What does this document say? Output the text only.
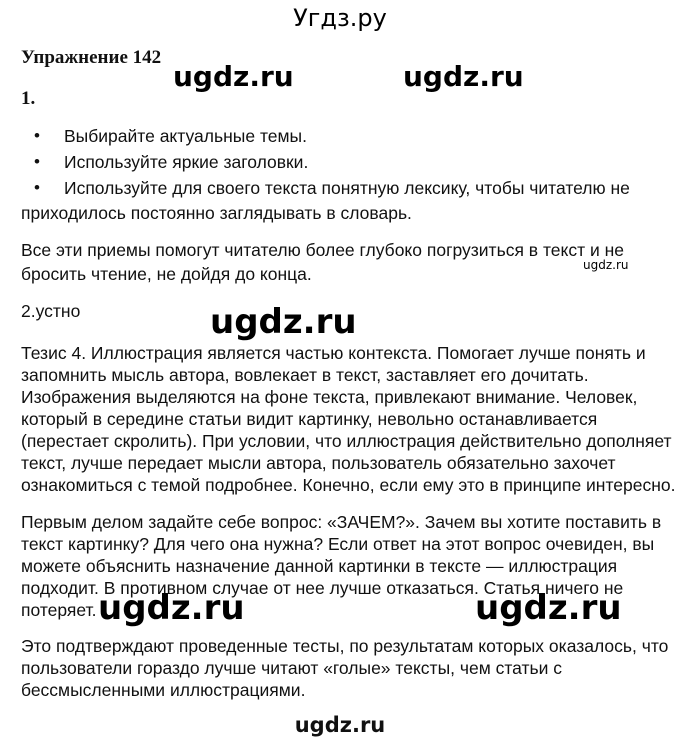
Угдз.ру
Упражнение 142
1.
• Выбирайте актуальные темы.
• Используйте яркие заголовки.
• Используйте для своего текста понятную лексику, чтобы читателю не
приходилось постоянно заглядывать в словарь.
Все эти приемы помогут читателю более глубоко погрузиться в текст и не
бросить чтение, не дойдя до конца.
2.устно
Тезис 4. Иллюстрация является частью контекста. Помогает лучше понять и
запомнить мысль автора, вовлекает в текст, заставляет его дочитать.
Изображения выделяются на фоне текста, привлекают внимание. Человек,
который в середине статьи видит картинку, невольно останавливается
(перестает скролить). При условии, что иллюстрация действительно дополняет
текст, лучше передает мысли автора, пользователь обязательно захочет
ознакомиться с темой подробнее. Конечно, если ему это в принципе интересно.
Первым делом задайте себе вопрос: «ЗАЧЕМ?». Зачем вы хотите поставить в
текст картинку? Для чего она нужна? Если ответ на этот вопрос очевиден, вы
можете объяснить назначение данной картинки в тексте — иллюстрация
подходит. В противном случае от нее лучше отказаться. Статья ничего не
потеряет.
Это подтверждают проведенные тесты, по результатам которых оказалось, что
пользователи гораздо лучше читают «голые» тексты, чем статьи с
бессмысленными иллюстрациями.
ugdz.ru	ugdz.ru
ugdz.ru
ugdz.ru
ugdz.ru	ugdz.ru
ugdz.ru
